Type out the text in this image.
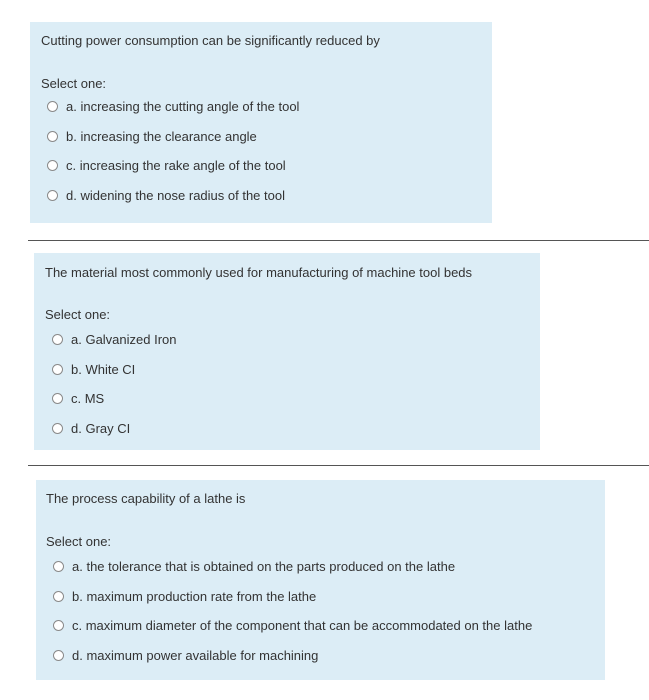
Cutting power consumption can be significantly reduced by
Select one:
a. increasing the cutting angle of the tool
b. increasing the clearance angle
c. increasing the rake angle of the tool
d. widening the nose radius of the tool
The material most commonly used for manufacturing of machine tool beds
Select one:
a. Galvanized Iron
b. White CI
c. MS
d. Gray CI
The process capability of a lathe is
Select one:
a. the tolerance that is obtained on the parts produced on the lathe
b. maximum production rate from the lathe
c. maximum diameter of the component that can be accommodated on the lathe
d. maximum power available for machining
